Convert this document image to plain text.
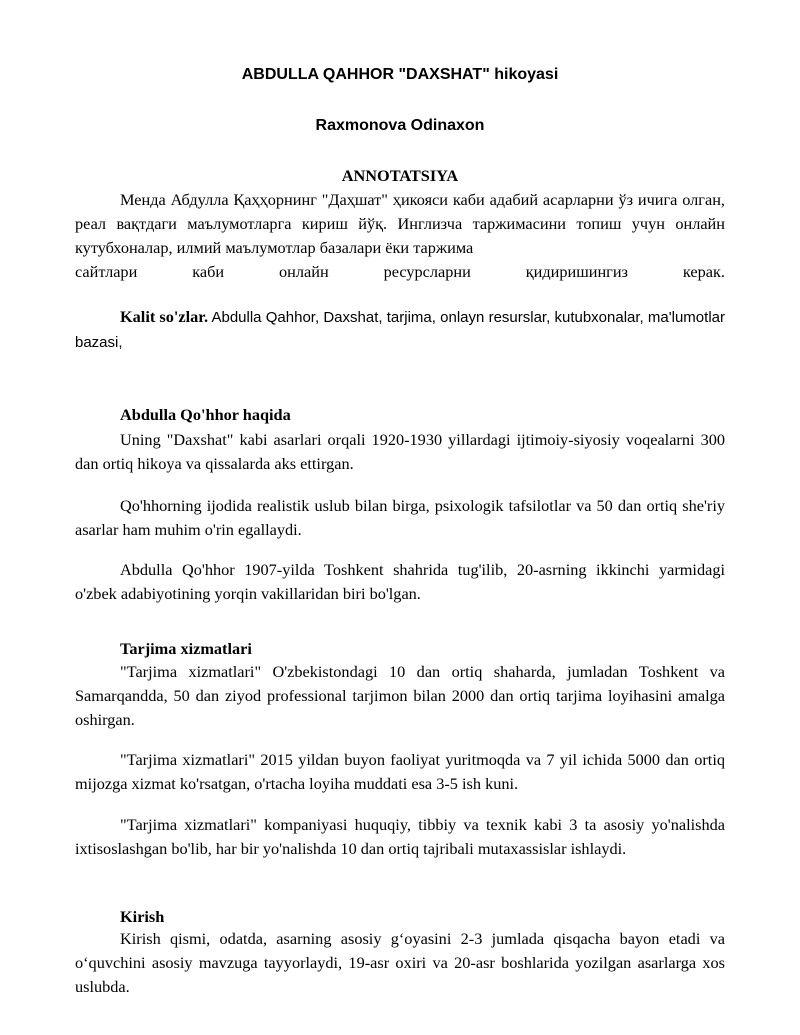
ABDULLA QAHHOR "DAXSHAT" hikoyasi
Raxmonova Odinaxon
ANNOTATSIYA

Менда Абдулла Қаҳҳорнинг "Даҳшат" ҳикояси каби адабий асарларни ўз ичига олган, реал вақтдаги маълумотларга кириш йўқ. Инглизча таржимасини топиш учун онлайн кутубхоналар, илмий маълумотлар базалари ёки таржима

сайтлари каби онлайн ресурсларни қидиришингиз керак.

Kalit so'zlar. Abdulla Qahhor, Daxshat, tarjima, onlayn resurslar, kutubxonalar, ma'lumotlar bazasi,

Abdulla Qo'hhor haqida

Uning "Daxshat" kabi asarlari orqali 1920-1930 yillardagi ijtimoiy-siyosiy voqealarni 300 dan ortiq hikoya va qissalarda aks ettirgan.

Qo'hhorning ijodida realistik uslub bilan birga, psixologik tafsilotlar va 50 dan ortiq she'riy asarlar ham muhim o'rin egallaydi.

Abdulla Qo'hhor 1907-yilda Toshkent shahrida tug'ilib, 20-asrning ikkinchi yarmidagi o'zbek adabiyotining yorqin vakillaridan biri bo'lgan.

Tarjima xizmatlari

"Tarjima xizmatlari" O'zbekistondagi 10 dan ortiq shaharda, jumladan Toshkent va Samarqandda, 50 dan ziyod professional tarjimon bilan 2000 dan ortiq tarjima loyihasini amalga oshirgan.

"Tarjima xizmatlari" 2015 yildan buyon faoliyat yuritmoqda va 7 yil ichida 5000 dan ortiq mijozga xizmat ko'rsatgan, o'rtacha loyiha muddati esa 3-5 ish kuni.

"Tarjima xizmatlari" kompaniyasi huquqiy, tibbiy va texnik kabi 3 ta asosiy yo'nalishda ixtisoslashgan bo'lib, har bir yo'nalishda 10 dan ortiq tajribali mutaxassislar ishlaydi.

Kirish

Kirish qismi, odatda, asarning asosiy g‘oyasini 2-3 jumlada qisqacha bayon etadi va o‘quvchini asosiy mavzuga tayyorlaydi, 19-asr oxiri va 20-asr boshlarida yozilgan asarlarga xos uslubda.
